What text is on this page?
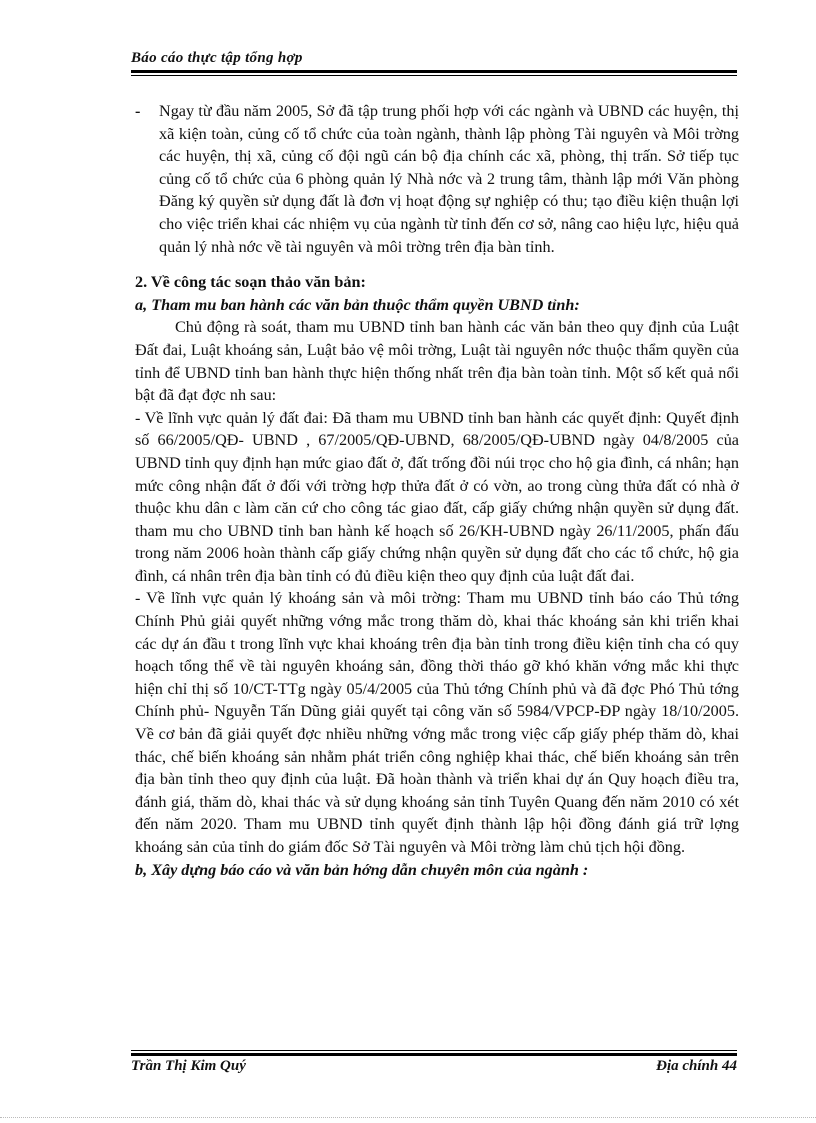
Báo cáo thực tập tổng hợp
-	Ngay từ đầu năm 2005, Sở đã tập trung phối hợp với các ngành và UBND các huyện, thị xã kiện toàn, củng cố tổ chức của toàn ngành, thành lập phòng Tài nguyên và Môi trờng các huyện, thị xã, củng cố đội ngũ cán bộ địa chính các xã, phòng, thị trấn. Sở tiếp tục củng cố tổ chức của 6 phòng quản lý Nhà nớc và 2 trung tâm, thành lập mới Văn phòng Đăng ký quyền sử dụng đất là đơn vị hoạt động sự nghiệp có thu; tạo điều kiện thuận lợi cho việc triển khai các nhiệm vụ của ngành từ tỉnh đến cơ sở, nâng cao hiệu lực, hiệu quả quản lý nhà nớc về tài nguyên và môi trờng trên địa bàn tỉnh.
2. Về công tác soạn thảo văn bản:
a, Tham mu ban hành các văn bản thuộc thẩm quyền UBND tỉnh:

Chủ động rà soát, tham mu UBND tỉnh ban hành các văn bản theo quy định của Luật Đất đai, Luật khoáng sản, Luật bảo vệ môi trờng, Luật tài nguyên nớc thuộc thẩm quyền của tỉnh để UBND tỉnh ban hành thực hiện thống nhất trên địa bàn toàn tỉnh. Một số kết quả nổi bật đã đạt đợc nh sau:

- Về lĩnh vực quản lý đất đai: Đã tham mu UBND tỉnh ban hành các quyết định: Quyết định số 66/2005/QĐ- UBND , 67/2005/QĐ-UBND, 68/2005/QĐ-UBND ngày 04/8/2005 của UBND tỉnh quy định hạn mức giao đất ở, đất trống đồi núi trọc cho hộ gia đình, cá nhân; hạn mức công nhận đất ở đối với trờng hợp thửa đất ở có vờn, ao trong cùng thửa đất có nhà ở thuộc khu dân c làm căn cứ cho công tác giao đất, cấp giấy chứng nhận quyền sử dụng đất. tham mu cho UBND tỉnh ban hành kế hoạch số 26/KH-UBND ngày 26/11/2005, phấn đấu trong năm 2006 hoàn thành cấp giấy chứng nhận quyền sử dụng đất cho các tổ chức, hộ gia đình, cá nhân trên địa bàn tỉnh có đủ điều kiện theo quy định của luật đất đai.

- Về lĩnh vực quản lý khoáng sản và môi trờng: Tham mu UBND tỉnh báo cáo Thủ tớng Chính Phủ giải quyết những vớng mắc trong thăm dò, khai thác khoáng sản khi triển khai các dự án đầu t trong lĩnh vực khai khoáng trên địa bàn tỉnh trong điều kiện tỉnh cha có quy hoạch tổng thể về tài nguyên khoáng sản, đồng thời tháo gỡ khó khăn vớng mắc khi thực hiện chỉ thị số 10/CT-TTg ngày 05/4/2005 của Thủ tớng Chính phủ và đã đợc Phó Thủ tớng Chính phủ- Nguyễn Tấn Dũng giải quyết tại công văn số 5984/VPCP-ĐP ngày 18/10/2005. Về cơ bản đã giải quyết đợc nhiều những vớng mắc trong việc cấp giấy phép thăm dò, khai thác, chế biến khoáng sản nhằm phát triển công nghiệp khai thác, chế biến khoáng sản trên địa bàn tỉnh theo quy định của luật. Đã hoàn thành và triển khai dự án Quy hoạch điều tra, đánh giá, thăm dò, khai thác và sử dụng khoáng sản tỉnh Tuyên Quang đến năm 2010 có xét đến năm 2020. Tham mu UBND tỉnh quyết định thành lập hội đồng đánh giá trữ lợng khoáng sản của tỉnh do giám đốc Sở Tài nguyên và Môi trờng làm chủ tịch hội đồng.

b, Xây dựng báo cáo và văn bản hớng dẫn chuyên môn của ngành :
Trần Thị Kim Quý	Địa chính 44
